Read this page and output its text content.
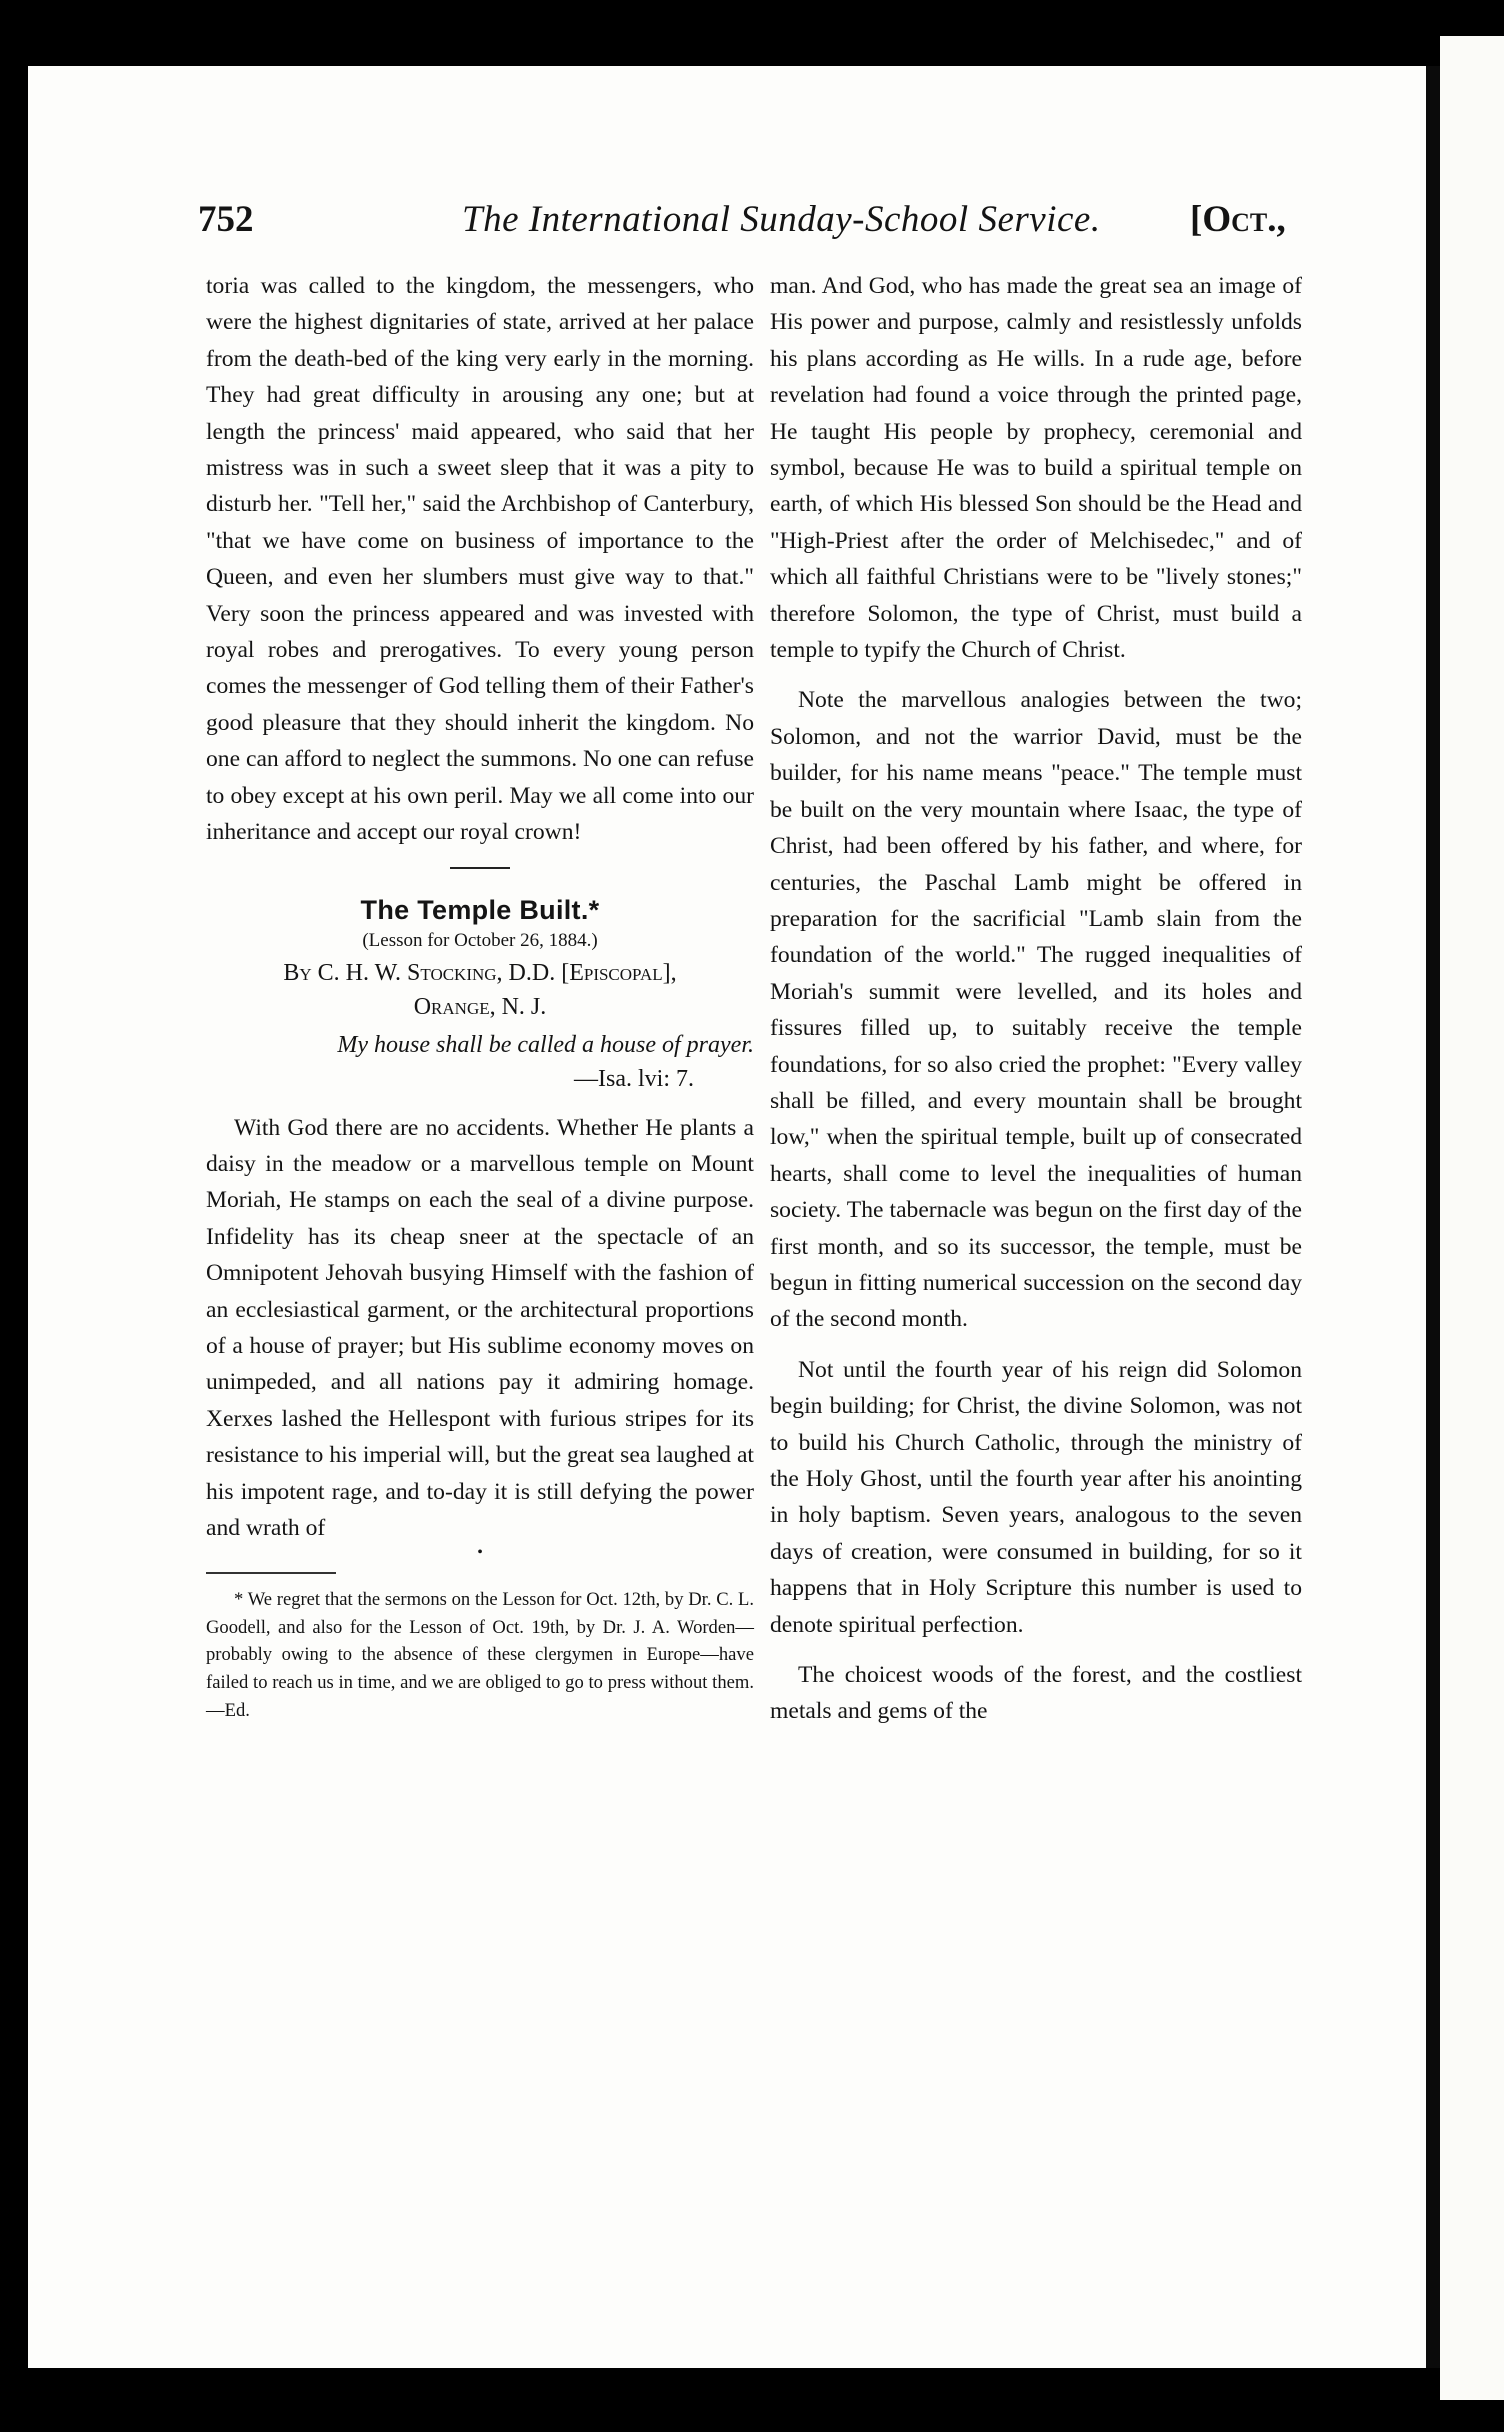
752	The International Sunday-School Service. [Oct.,

toria was called to the kingdom, the messengers, who were the highest dignitaries of state, arrived at her palace from the death-bed of the king very early in the morning. They had great difficulty in arousing any one; but at length the princess' maid appeared, who said that her mistress was in such a sweet sleep that it was a pity to disturb her. "Tell her," said the Archbishop of Canterbury, "that we have come on business of importance to the Queen, and even her slumbers must give way to that." Very soon the princess appeared and was invested with royal robes and prerogatives. To every young person comes the messenger of God telling them of their Father's good pleasure that they should inherit the kingdom. No one can afford to neglect the summons. No one can refuse to obey except at his own peril. May we all come into our inheritance and accept our royal crown!

The Temple Built.*
(Lesson for October 26, 1884.)
By C. H. W. Stocking, D.D. [Episcopal],
Orange, N. J.
My house shall be called a house of prayer.
—Isa. lvi: 7.

With God there are no accidents. Whether He plants a daisy in the meadow or a marvellous temple on Mount Moriah, He stamps on each the seal of a divine purpose. Infidelity has its cheap sneer at the spectacle of an Omnipotent Jehovah busying Himself with the fashion of an ecclesiastical garment, or the architectural proportions of a house of prayer; but His sublime economy moves on unimpeded, and all nations pay it admiring homage. Xerxes lashed the Hellespont with furious stripes for its resistance to his imperial will, but the great sea laughed at his impotent rage, and to-day it is still defying the power and wrath of

•
* We regret that the sermons on the Lesson for Oct. 12th, by Dr. C. L. Goodell, and also for the Lesson of Oct. 19th, by Dr. J. A. Worden—probably owing to the absence of these clergymen in Europe—have failed to reach us in time, and we are obliged to go to press without them. —Ed.

man. And God, who has made the great sea an image of His power and purpose, calmly and resistlessly unfolds his plans according as He wills. In a rude age, before revelation had found a voice through the printed page, He taught His people by prophecy, ceremonial and symbol, because He was to build a spiritual temple on earth, of which His blessed Son should be the Head and "High-Priest after the order of Melchisedec," and of which all faithful Christians were to be "lively stones;" therefore Solomon, the type of Christ, must build a temple to typify the Church of Christ.

Note the marvellous analogies between the two; Solomon, and not the warrior David, must be the builder, for his name means "peace." The temple must be built on the very mountain where Isaac, the type of Christ, had been offered by his father, and where, for centuries, the Paschal Lamb might be offered in preparation for the sacrificial "Lamb slain from the foundation of the world." The rugged inequalities of Moriah's summit were levelled, and its holes and fissures filled up, to suitably receive the temple foundations, for so also cried the prophet: "Every valley shall be filled, and every mountain shall be brought low," when the spiritual temple, built up of consecrated hearts, shall come to level the inequalities of human society. The tabernacle was begun on the first day of the first month, and so its successor, the temple, must be begun in fitting numerical succession on the second day of the second month.

Not until the fourth year of his reign did Solomon begin building; for Christ, the divine Solomon, was not to build his Church Catholic, through the ministry of the Holy Ghost, until the fourth year after his anointing in holy baptism. Seven years, analogous to the seven days of creation, were consumed in building, for so it happens that in Holy Scripture this number is used to denote spiritual perfection.

The choicest woods of the forest, and the costliest metals and gems of the
